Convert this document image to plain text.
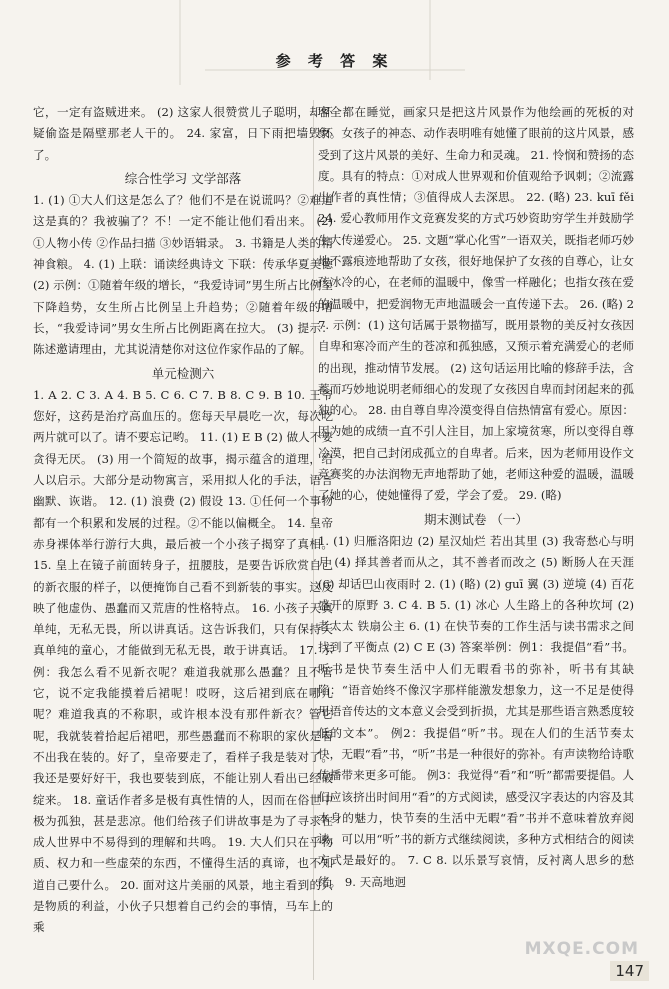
参 考 答 案

它，一定有盗贼进来。 (2) 这家人很赞赏儿子聪明，却怀疑偷盗是隔壁那老人干的。 24. 家富，日下雨把墙毁坏了。

综合性学习 文学部落

1. (1) ①大人们这是怎么了？他们不是在说谎吗？②难道这是真的？我被骗了？不！一定不能让他们看出来。 (2) ①人物小传 ②作品扫描 ③妙语辑录。 3. 书籍是人类的精神食粮。 4. (1) 上联：诵读经典诗文 下联：传承华夏美德 (2) 示例：①随着年级的增长，“我爱诗词”男生所占比例呈下降趋势，女生所占比例呈上升趋势；②随着年级的增长，“我爱诗词”男女生所占比例距离在拉大。 (3) 提示：陈述邀请理由，尤其说清楚你对这位作家作品的了解。

单元检测六

1. A 2. C 3. A 4. B 5. C 6. C 7. B 8. C 9. B 10. 王爷您好，这药是治疗高血压的。您每天早晨吃一次，每次吃两片就可以了。请不要忘记哟。 11. (1) E B (2) 做人不要贪得无厌。 (3) 用一个简短的故事，揭示蕴含的道理，给人以启示。大部分是动物寓言，采用拟人化的手法，语言幽默、诙谐。 12. (1) 浪费 (2) 假设 13. ①任何一个事物都有一个积累和发展的过程。②不能以偏概全。 14. 皇帝赤身裸体举行游行大典，最后被一个小孩子揭穿了真相。 15. 皇上在镜子前面转身子，扭腰肢，是要告诉欣赏自己的新衣服的样子，以便掩饰自己看不到新装的事实。这反映了他虚伪、愚蠢而又荒唐的性格特点。 16. 小孩子天真单纯，无私无畏，所以讲真话。这告诉我们，只有保持天真单纯的童心，才能做到无私无畏，敢于讲真话。 17. 示例：我怎么看不见新衣呢？难道我就那么愚蠢？且不管它，说不定我能摸着后裙呢！哎呀，这后裙到底在哪儿呢？难道我真的不称职，或许根本没有那件新衣？管它呢，我就装着拾起后裙吧，那些愚蠢而不称职的家伙是看不出我在装的。好了，皇帝要走了，看样子我是装对了。我还是要好好干，我也要装到底，不能让别人看出已经破绽来。 18. 童话作者多是极有真性情的人，因而在俗世中极为孤独，甚是悲凉。他们给孩子们讲故事是为了寻求在成人世界中不易得到的理解和共鸣。 19. 大人们只在乎物质、权力和一些虚荣的东西，不懂得生活的真谛，也不知道自己要什么。 20. 面对这片美丽的风景，地主看到的只是物质的利益，小伙子只想着自己约会的事情，马车上的乘

客全都在睡觉，画家只是把这片风景作为他绘画的死板的对象。女孩子的神态、动作表明唯有她懂了眼前的这片风景，感受到了这片风景的美好、生命力和灵魂。 21. 怜悯和赞扬的态度。具有的特点：①对成人世界观和价值观给予讽刺；②流露出作者的真性情；③值得成人去深思。 22. (略) 23. kuī fěi 24. 爱心教师用作文竞赛发奖的方式巧妙资助穷学生并鼓励学生大传递爱心。 25. 文题“掌心化雪”一语双关，既指老师巧妙地不露痕迹地帮助了女孩，很好地保护了女孩的自尊心，让女孩冰冷的心，在老师的温暖中，像雪一样融化；也指女孩在爱的温暖中，把爱润物无声地温暖会一直传递下去。 26. (略) 27. 示例：(1) 这句话属于景物描写，既用景物的美反衬女孩因自卑和寒冷而产生的苍凉和孤独感，又预示着充满爱心的老师的出现，推动情节发展。 (2) 这句话运用比喻的修辞手法，含蓄而巧妙地说明老师细心的发现了女孩因自卑而封闭起来的孤独的心。 28. 由自尊自卑冷漠变得自信热情富有爱心。原因：因为她的成绩一直不引人注目，加上家境贫寒，所以变得自尊冷漠，把自己封闭成孤立的自卑者。后来，因为老师用设作文竞赛奖的办法润物无声地帮助了她，老师这种爱的温暖，温暖了她的心，使她懂得了爱，学会了爱。 29. (略)

期末测试卷 （一）

1. (1) 归雁洛阳边 (2) 星汉灿烂 若出其里 (3) 我寄愁心与明月 (4) 择其善者而从之，其不善者而改之 (5) 断肠人在天涯 (6) 却话巴山夜雨时 2. (1) (略) (2) guī 翼 (3) 逆境 (4) 百花盛开的原野 3. C 4. B 5. (1) 冰心 人生路上的各种坎坷 (2) 老太太 铁扇公主 6. (1) 在快节奏的工作生活与读书需求之间找到了平衡点 (2) C E (3) 答案举例：例1：我提倡“看”书。听书是快节奏生活中人们无暇看书的弥补，听书有其缺陷：“语音始终不像汉字那样能激发想象力，这一不足是使得用语音传达的文本意义会受到折损，尤其是那些语言熟悉度较低的文本”。 例2：我提倡“听”书。现在人们的生活节奏太快，无暇“看”书，“听”书是一种很好的弥补。有声读物给诗歌传播带来更多可能。 例3：我觉得“看”和“听”都需要提倡。人们应该挤出时间用“看”的方式阅读，感受汉字表达的内容及其本身的魅力，快节奏的生活中无暇“看”书并不意味着放弃阅读，可以用“听”书的新方式继续阅读，多种方式相结合的阅读方式是最好的。 7. C 8. 以乐景写哀情，反衬离人思乡的愁绪。 9. 天高地迥

MXQE.COM
147
